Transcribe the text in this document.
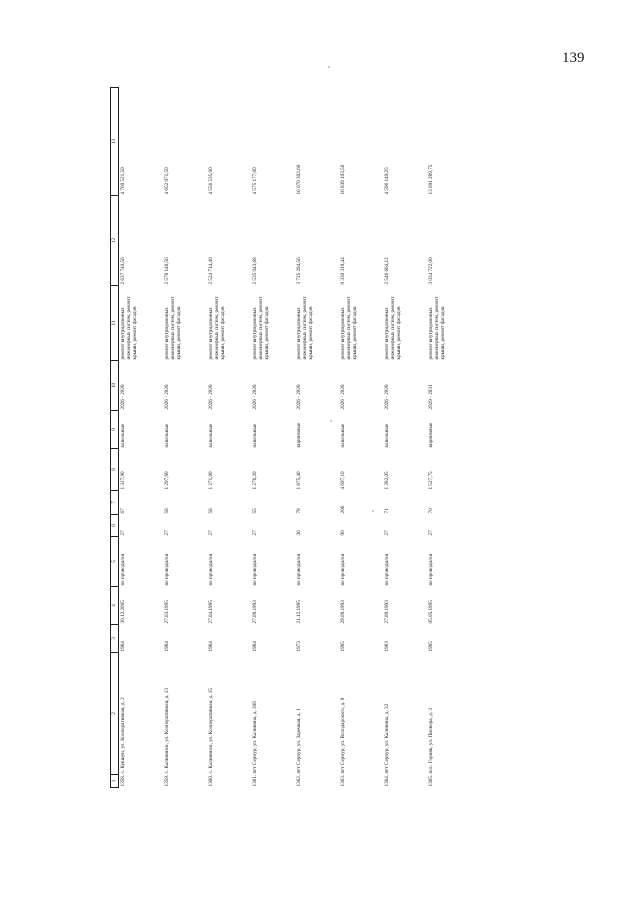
139
1	2	3	4	5	6	7	8	9	10	11	12	13
1358.	с. Кукшун, ул. Кооперативная, д. 2	1984	30.12.2005	не проводился	27	67	1 327,90	панельные	2026 - 2028	ремонт внутридомовых инженерных систем, ремонт крыши, ремонт фасадов	2 637 740,56	4 760 521,50
1359.	с. Калининск, ул. Кооперативная, д. 13	1984	27.03.1995	не проводился	27	58	1 297,90	панельные	2026 - 2028	ремонт внутридомовых инженерных систем, ремонт крыши, ремонт фасадов	2 578 148,56	4 652 971,50
1360.	с. Калининск, ул. Кооперативная, д. 15	1984	27.04.1995	не проводился	27	58	1 271,00	панельные	2026 - 2028	ремонт внутридомовых инженерных систем, ремонт крыши, ремонт фасадов	2 524 714,40	4 556 535,00
1361.	пгт Серпур, ул. Калинина, д. 30б	1984	27.09.1993	не проводился	27	55	1 276,20	панельные	2026 - 2028	ремонт внутридомовых инженерных систем, ремонт крыши, ремонт фасадов	2 535 043,68	4 575 177,00
1362.	пгт Серпур, ул. Заречная, д. 1	1973	21.12.1995	не проводился	36	78	1 875,40	кирпичные	2026 - 2028	ремонт внутридомовых инженерных систем, ремонт крыши, ремонт фасадов	3 725 294,56	16 070 302,60
1363.	пгт Серпур, ул. Володарского, д. 9	1985	29.09.1993	не проводился	90	206	4 697,10	панельные	2026 - 2028	ремонт внутридомовых инженерных систем, ремонт крыши, ремонт фасадов	9 330 319,44	16 839 103,50
1364.	пгт Серпур, ул. Калинина, д. 32	1983	27.09.1993	не проводился	27	71	1 282,05	панельные	2026 - 2028	ремонт внутридомовых инженерных систем, ремонт крыши, ремонт фасадов	2 546 664,12	4 596 149,25
1365.	пос. Горняк, ул. Пионера, д. 3	1985	05.05.1995	не проводился	27	70	1 527,75	кирпичные	2029 - 2031	ремонт внутридомовых инженерных систем, ремонт крыши, ремонт фасадов	3 034 722,00	13 091 289,75
